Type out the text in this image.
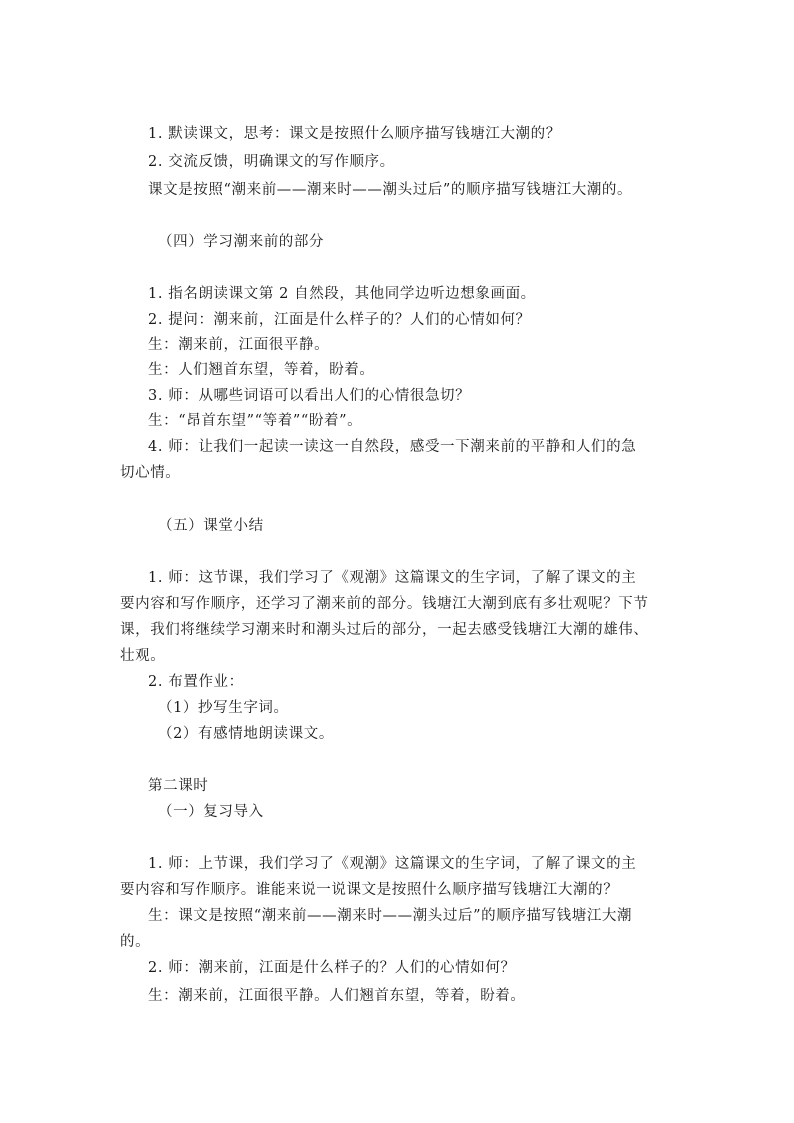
1. 默读课文，思考：课文是按照什么顺序描写钱塘江大潮的？
2. 交流反馈，明确课文的写作顺序。
课文是按照“潮来前——潮来时——潮头过后”的顺序描写钱塘江大潮的。
（四）学习潮来前的部分
1. 指名朗读课文第 2 自然段，其他同学边听边想象画面。
2. 提问：潮来前，江面是什么样子的？人们的心情如何？
生：潮来前，江面很平静。
生：人们翘首东望，等着，盼着。
3. 师：从哪些词语可以看出人们的心情很急切？
生：“昂首东望”“等着”“盼着”。
4. 师：让我们一起读一读这一自然段，感受一下潮来前的平静和人们的急
切心情。
（五）课堂小结
1. 师：这节课，我们学习了《观潮》这篇课文的生字词，了解了课文的主
要内容和写作顺序，还学习了潮来前的部分。钱塘江大潮到底有多壮观呢？下节
课，我们将继续学习潮来时和潮头过后的部分，一起去感受钱塘江大潮的雄伟、
壮观。
2. 布置作业：
（1）抄写生字词。
（2）有感情地朗读课文。
第二课时
（一）复习导入
1. 师：上节课，我们学习了《观潮》这篇课文的生字词，了解了课文的主
要内容和写作顺序。谁能来说一说课文是按照什么顺序描写钱塘江大潮的？
生：课文是按照“潮来前——潮来时——潮头过后”的顺序描写钱塘江大潮
的。
2. 师：潮来前，江面是什么样子的？人们的心情如何？
生：潮来前，江面很平静。人们翘首东望，等着，盼着。
